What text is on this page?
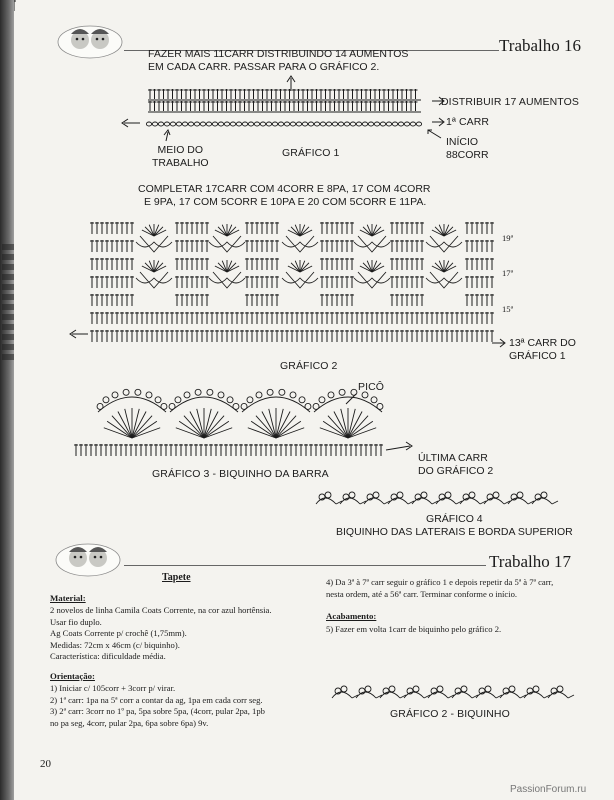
Trabalho 16
FAZER MAIS 11CARR DISTRIBUINDO 14 AUMENTOS
EM CADA CARR. PASSAR PARA O GRÁFICO 2.
DISTRIBUIR 17 AUMENTOS
1ª CARR
INÍCIO
88CORR
MEIO DO
TRABALHO
GRÁFICO 1
COMPLETAR 17CARR COM 4CORR E 8PA, 17 COM 4CORR
E 9PA, 17 COM 5CORR E 10PA E 20 COM 5CORR E 11PA.
19ª
17ª
15ª
13ª CARR DO
GRÁFICO 1
GRÁFICO 2
PICÔ
ÚLTIMA CARR
DO GRÁFICO 2
GRÁFICO 3 - BIQUINHO DA BARRA
GRÁFICO 4
BIQUINHO DAS LATERAIS E BORDA SUPERIOR
Trabalho 17
Tapete
Material:
2 novelos de linha Camila Coats Corrente, na cor azul hortênsia.
Usar fio duplo.
Ag Coats Corrente p/ crochê (1,75mm).
Medidas: 72cm x 46cm (c/ biquinho).
Característica: dificuldade média.
Orientação:
1) Iniciar c/ 105corr + 3corr p/ virar.
2) 1ª carr: 1pa na 5ª corr a contar da ag, 1pa em cada corr seg.
3) 2ª carr: 3corr no 1º pa, 5pa sobre 5pa, (4corr, pular 2pa, 1pb
no pa seg, 4corr, pular 2pa, 6pa sobre 6pa) 9v.
4) Da 3ª à 7ª carr seguir o gráfico 1 e depois repetir da 5ª à 7ª carr,
nesta ordem, até a 56ª carr. Terminar conforme o início.
Acabamento:
5) Fazer em volta 1carr de biquinho pelo gráfico 2.
GRÁFICO 2 - BIQUINHO
20
PassionForum.ru
